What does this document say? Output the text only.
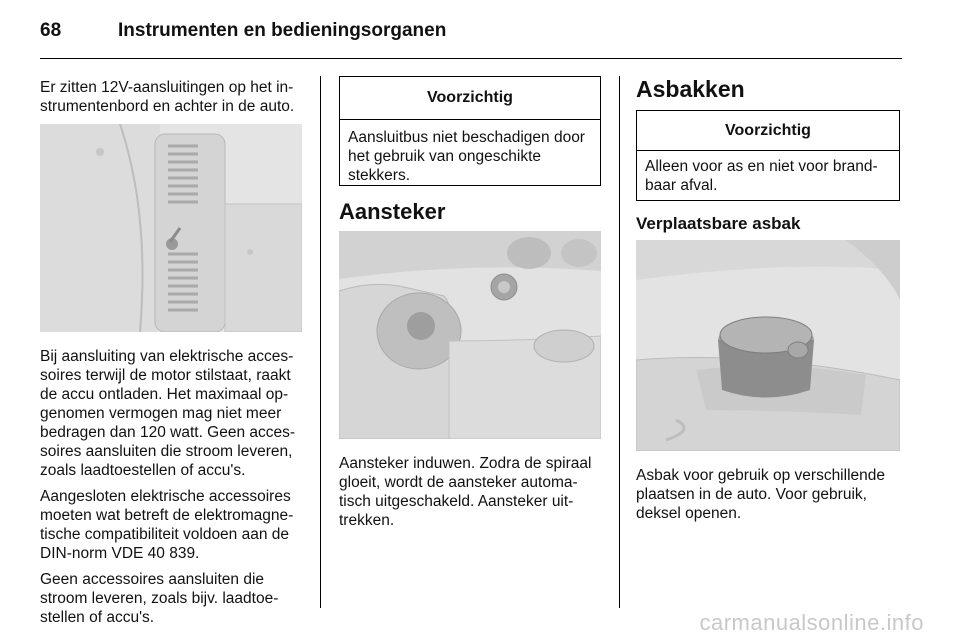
68	Instrumenten en bedieningsorganen

Er zitten 12V-aansluitingen op het in-strumentenbord en achter in de auto.

Bij aansluiting van elektrische acces-soires terwijl de motor stilstaat, raakt de accu ontladen. Het maximaal op-genomen vermogen mag niet meer bedragen dan 120 watt. Geen acces-soires aansluiten die stroom leveren, zoals laadtoestellen of accu's.

Aangesloten elektrische accessoires moeten wat betreft de elektromagne-tische compatibiliteit voldoen aan de DIN-norm VDE 40 839.

Geen accessoires aansluiten die stroom leveren, zoals bijv. laadtoe-stellen of accu's.

Voorzichtig
Aansluitbus niet beschadigen door het gebruik van ongeschikte stekkers.
Aansteker

Aansteker induwen. Zodra de spiraal gloeit, wordt de aansteker automa-tisch uitgeschakeld. Aansteker uit-trekken.

Asbakken
Voorzichtig
Alleen voor as en niet voor brand-baar afval.
Verplaatsbare asbak

Asbak voor gebruik op verschillende plaatsen in de auto. Voor gebruik, deksel openen.

carmanualsonline.info
